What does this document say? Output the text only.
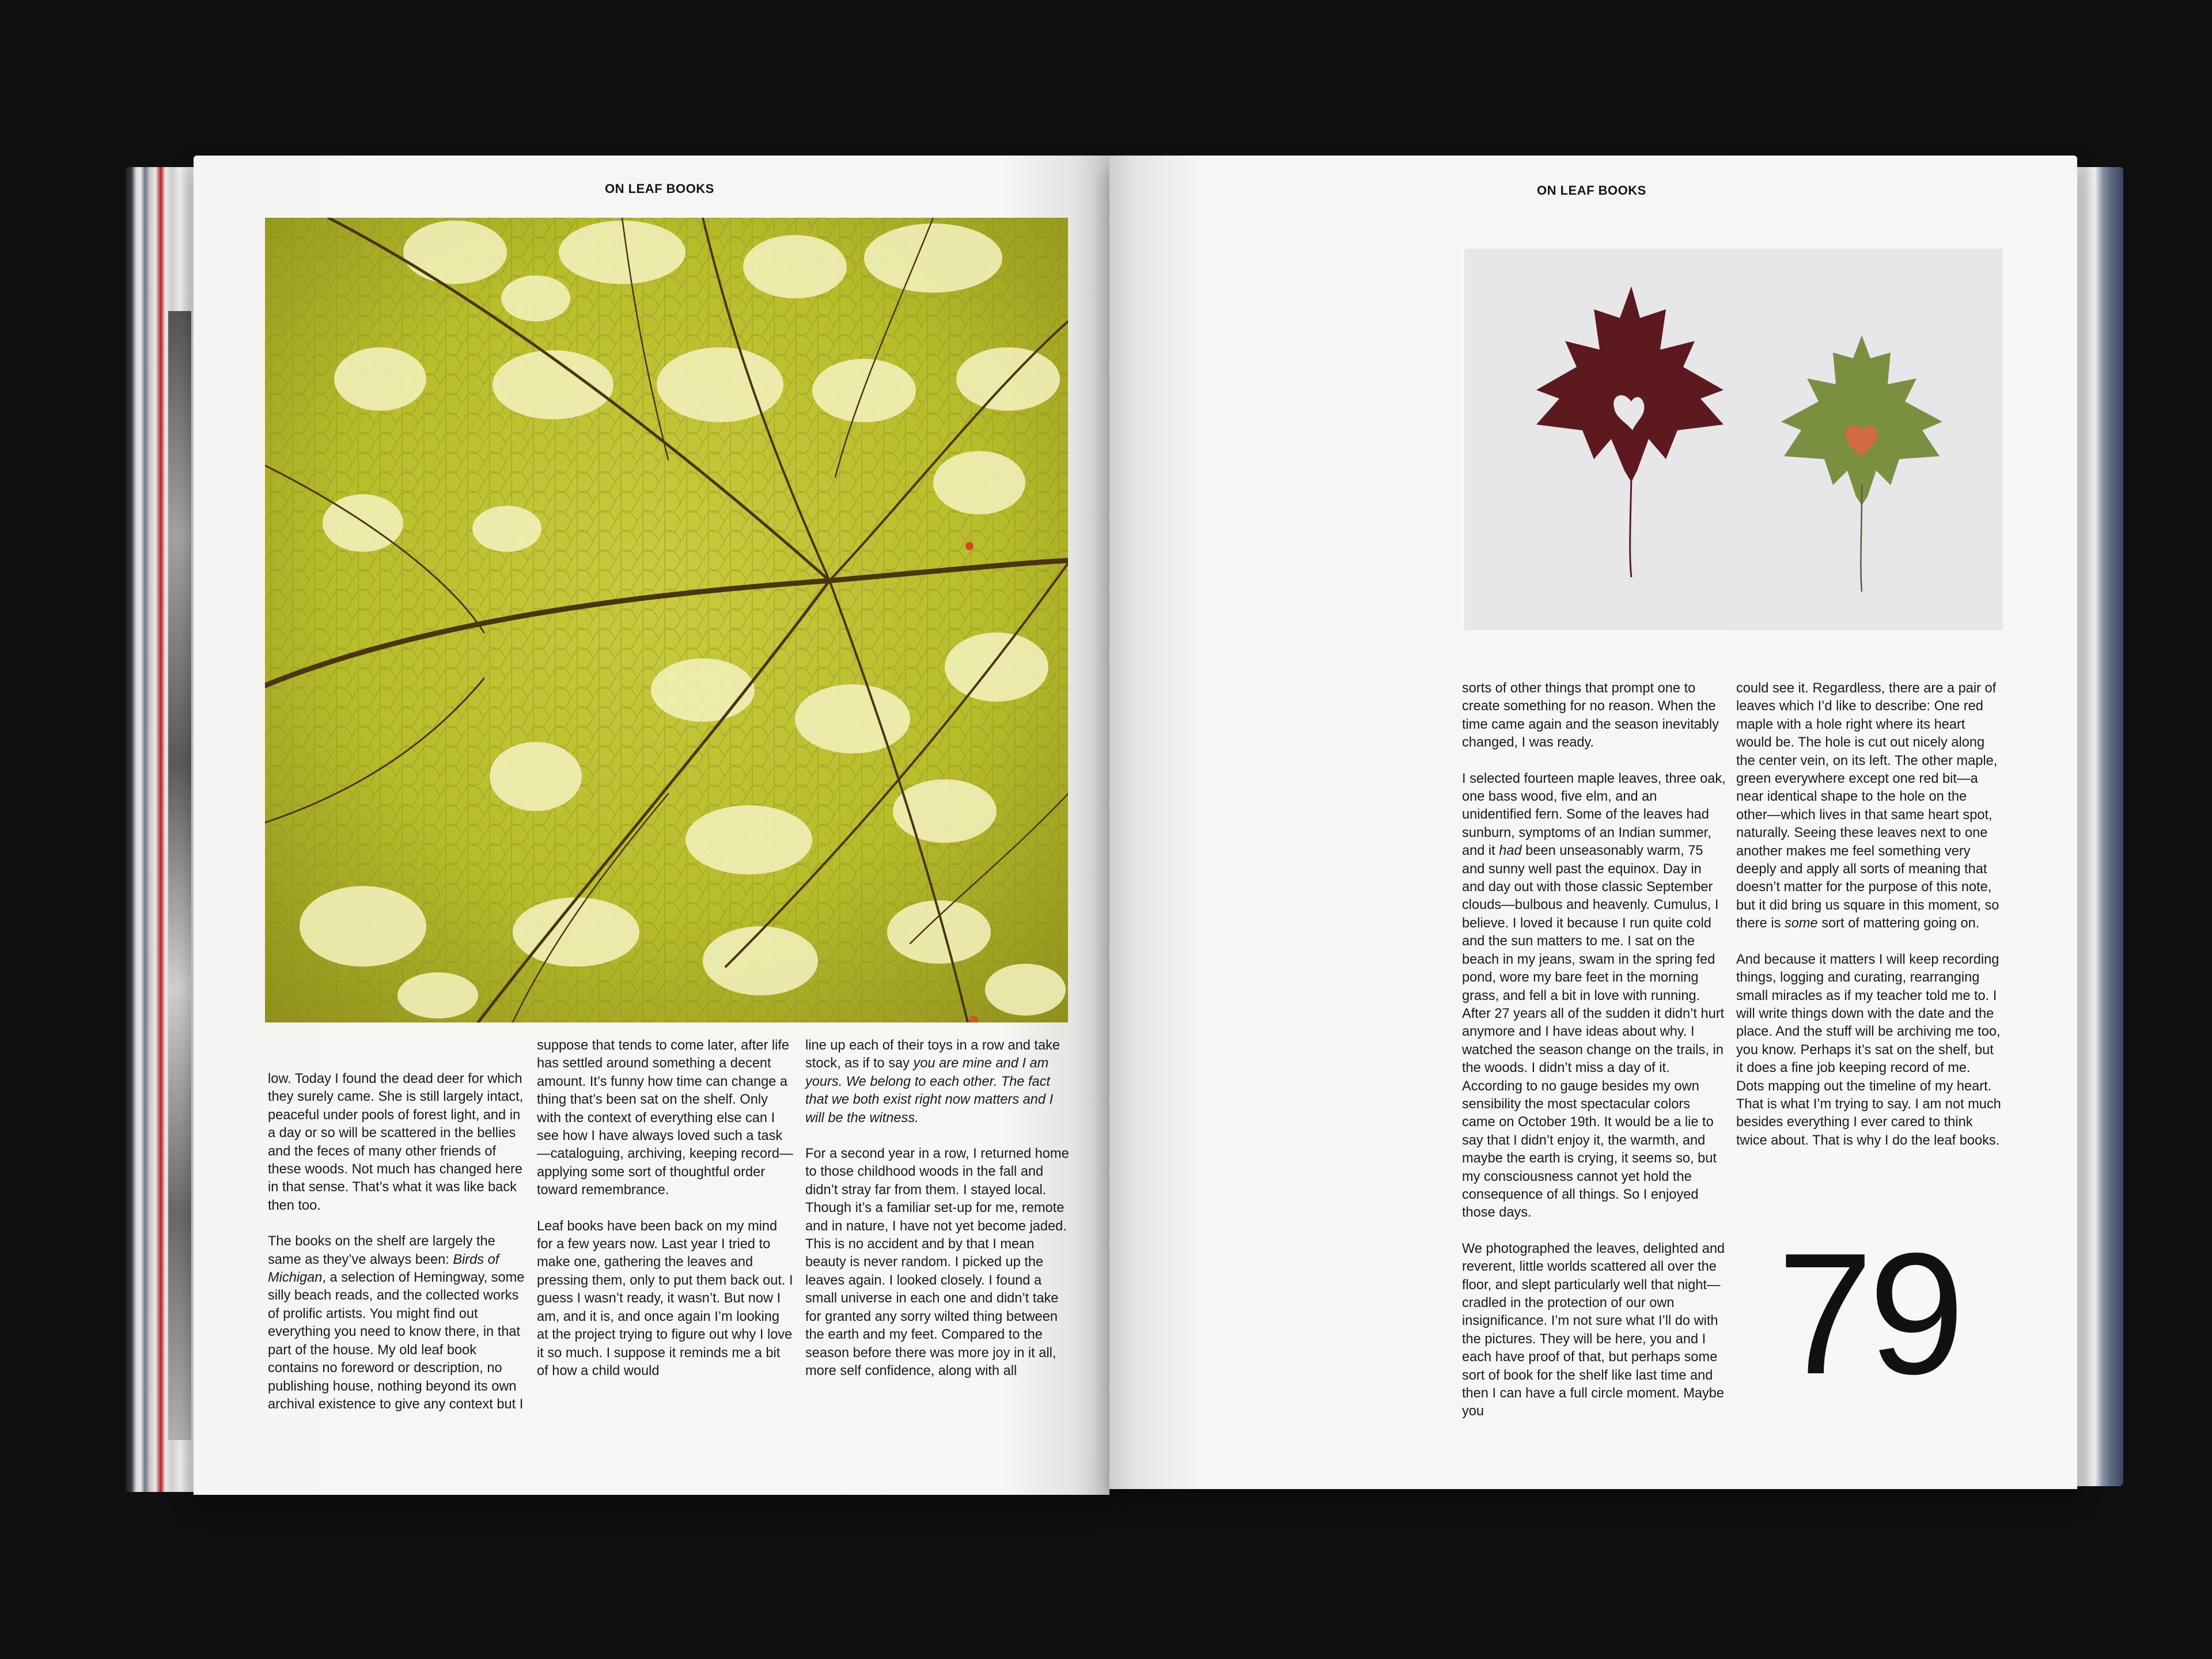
ON LEAF BOOKS

low. Today I found the dead deer for which they surely came. She is still largely intact, peaceful under pools of forest light, and in a day or so will be scattered in the bellies and the feces of many other friends of these woods. Not much has changed here in that sense. That’s what it was like back then too.

The books on the shelf are largely the same as they’ve always been: Birds of Michigan, a selection of Hemingway, some silly beach reads, and the collected works of prolific artists. You might find out everything you need to know there, in that part of the house. My old leaf book contains no foreword or description, no publishing house, nothing beyond its own archival existence to give any context but I

suppose that tends to come later, after life has settled around something a decent amount. It’s funny how time can change a thing that’s been sat on the shelf. Only with the context of everything else can I see how I have always loved such a task—cataloguing, archiving, keeping record—applying some sort of thoughtful order toward remembrance.

Leaf books have been back on my mind for a few years now. Last year I tried to make one, gathering the leaves and pressing them, only to put them back out. I guess I wasn’t ready, it wasn’t. But now I am, and it is, and once again I’m looking at the project trying to figure out why I love it so much. I suppose it reminds me a bit of how a child would

line up each of their toys in a row and take stock, as if to say you are mine and I am yours. We belong to each other. The fact that we both exist right now matters and I will be the witness.

For a second year in a row, I returned home to those childhood woods in the fall and didn’t stray far from them. I stayed local. Though it’s a familiar set-up for me, remote and in nature, I have not yet become jaded. This is no accident and by that I mean beauty is never random. I picked up the leaves again. I looked closely. I found a small universe in each one and didn’t take for granted any sorry wilted thing between the earth and my feet. Compared to the season before there was more joy in it all, more self confidence, along with all

ON LEAF BOOKS

sorts of other things that prompt one to create something for no reason. When the time came again and the season inevitably changed, I was ready.

I selected fourteen maple leaves, three oak, one bass wood, five elm, and an unidentified fern. Some of the leaves had sunburn, symptoms of an Indian summer, and it had been unseasonably warm, 75 and sunny well past the equinox. Day in and day out with those classic September clouds—bulbous and heavenly. Cumulus, I believe. I loved it because I run quite cold and the sun matters to me. I sat on the beach in my jeans, swam in the spring fed pond, wore my bare feet in the morning grass, and fell a bit in love with running. After 27 years all of the sudden it didn’t hurt anymore and I have ideas about why. I watched the season change on the trails, in the woods. I didn’t miss a day of it. According to no gauge besides my own sensibility the most spectacular colors came on October 19th. It would be a lie to say that I didn’t enjoy it, the warmth, and maybe the earth is crying, it seems so, but my consciousness cannot yet hold the consequence of all things. So I enjoyed those days.

We photographed the leaves, delighted and reverent, little worlds scattered all over the floor, and slept particularly well that night—cradled in the protection of our own insignificance. I’m not sure what I’ll do with the pictures. They will be here, you and I each have proof of that, but perhaps some sort of book for the shelf like last time and then I can have a full circle moment. Maybe you

could see it. Regardless, there are a pair of leaves which I’d like to describe: One red maple with a hole right where its heart would be. The hole is cut out nicely along the center vein, on its left. The other maple, green everywhere except one red bit—a near identical shape to the hole on the other—which lives in that same heart spot, naturally. Seeing these leaves next to one another makes me feel something very deeply and apply all sorts of meaning that doesn’t matter for the purpose of this note, but it did bring us square in this moment, so there is some sort of mattering going on.

And because it matters I will keep recording things, logging and curating, rearranging small miracles as if my teacher told me to. I will write things down with the date and the place. And the stuff will be archiving me too, you know. Perhaps it’s sat on the shelf, but it does a fine job keeping record of me. Dots mapping out the timeline of my heart. That is what I’m trying to say. I am not much besides everything I ever cared to think twice about. That is why I do the leaf books.

79
